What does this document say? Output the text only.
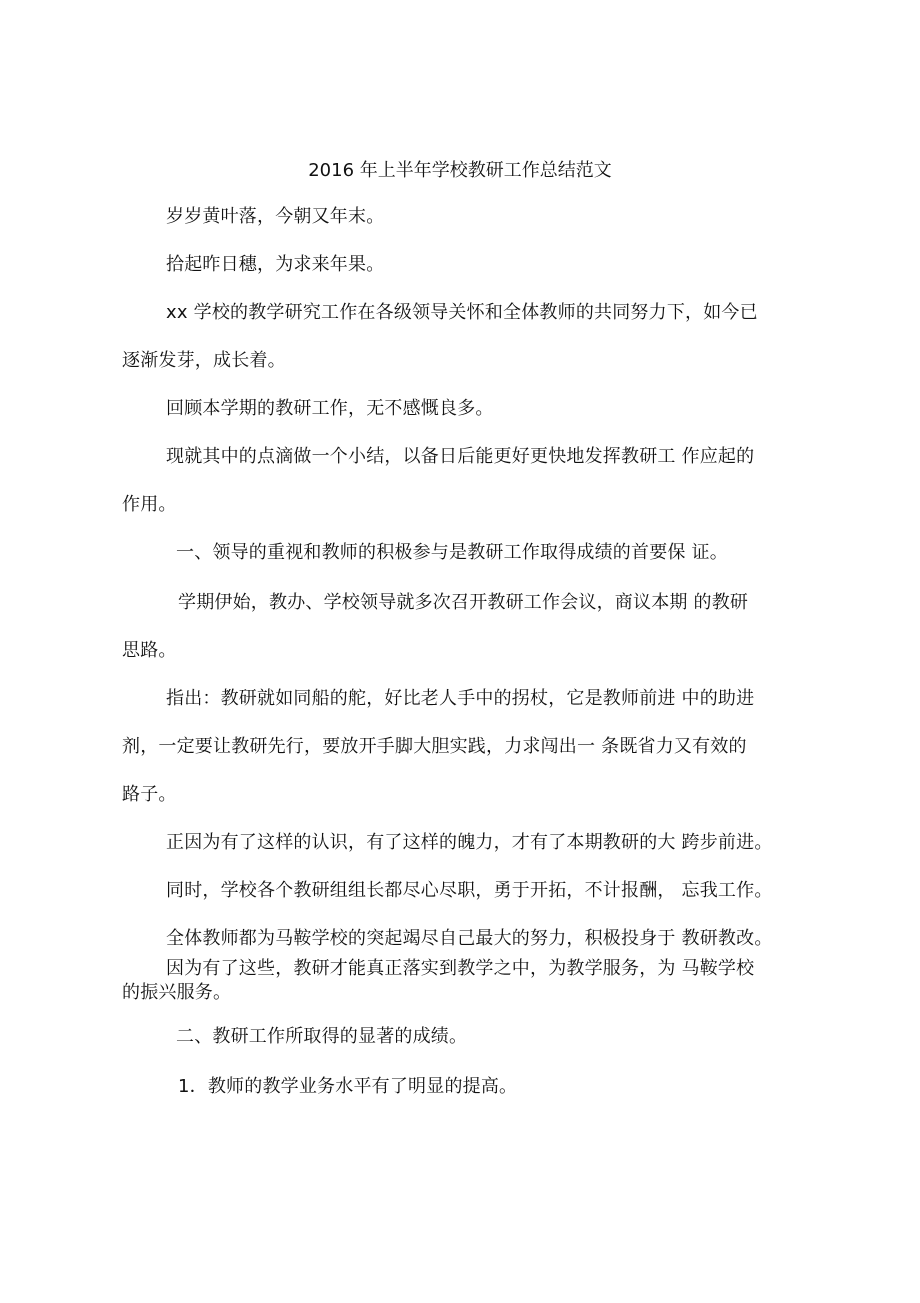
2016 年上半年学校教研工作总结范文
岁岁黄叶落，今朝又年末。
拾起昨日穗，为求来年果。
xx 学校的教学研究工作在各级领导关怀和全体教师的共同努力下，如今已
逐渐发芽，成长着。
回顾本学期的教研工作，无不感慨良多。
现就其中的点滴做一个小结，以备日后能更好更快地发挥教研工 作应起的
作用。
一、领导的重视和教师的积极参与是教研工作取得成绩的首要保 证。
学期伊始，教办、学校领导就多次召开教研工作会议，商议本期 的教研
思路。
指出：教研就如同船的舵，好比老人手中的拐杖，它是教师前进 中的助进
剂，一定要让教研先行，要放开手脚大胆实践，力求闯出一 条既省力又有效的
路子。
正因为有了这样的认识，有了这样的魄力，才有了本期教研的大 跨步前进。
同时，学校各个教研组组长都尽心尽职，勇于开拓，不计报酬， 忘我工作。
全体教师都为马鞍学校的突起竭尽自己最大的努力，积极投身于 教研教改。
因为有了这些，教研才能真正落实到教学之中，为教学服务，为 马鞍学校
的振兴服务。
二、教研工作所取得的显著的成绩。
1．教师的教学业务水平有了明显的提高。
